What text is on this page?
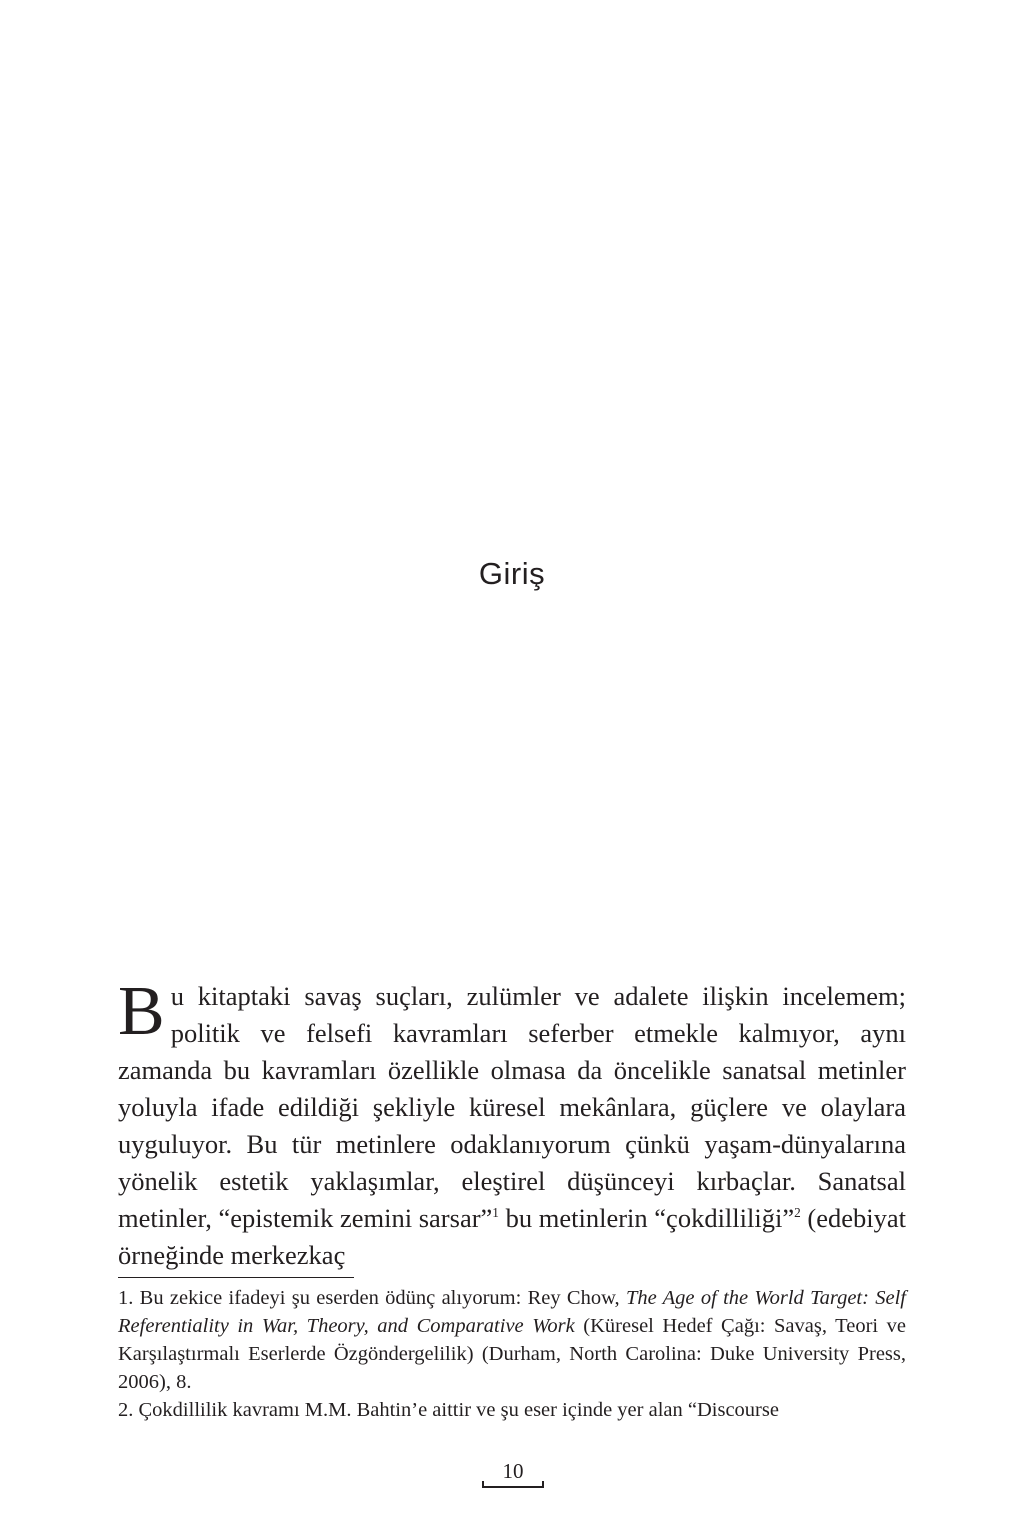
Giriş

Bu kitaptaki savaş suçları, zulümler ve adalete ilişkin incelemem; politik ve felsefi kavramları seferber etmekle kalmıyor, aynı zamanda bu kavramları özellikle olmasa da öncelikle sanatsal metinler yoluyla ifade edildiği şekliyle küresel mekânlara, güçlere ve olaylara uyguluyor. Bu tür metinlere odaklanıyorum çünkü yaşam-dünyalarına yönelik estetik yaklaşımlar, eleştirel düşünceyi kırbaçlar. Sanatsal metinler, “epistemik zemini sarsar”$^1$ bu metinlerin “çokdilliliği”$^2$ (edebiyat örneğinde merkezkaç

1. Bu zekice ifadeyi şu eserden ödünç alıyorum: Rey Chow, The Age of the World Target: Self Referentiality in War, Theory, and Comparative Work (Küresel Hedef Çağı: Savaş, Teori ve Karşılaştırmalı Eserlerde Özgöndergelilik) (Durham, North Carolina: Duke University Press, 2006), 8.

2. Çokdillilik kavramı M.M. Bahtin’e aittir ve şu eser içinde yer alan “Discourse

10
